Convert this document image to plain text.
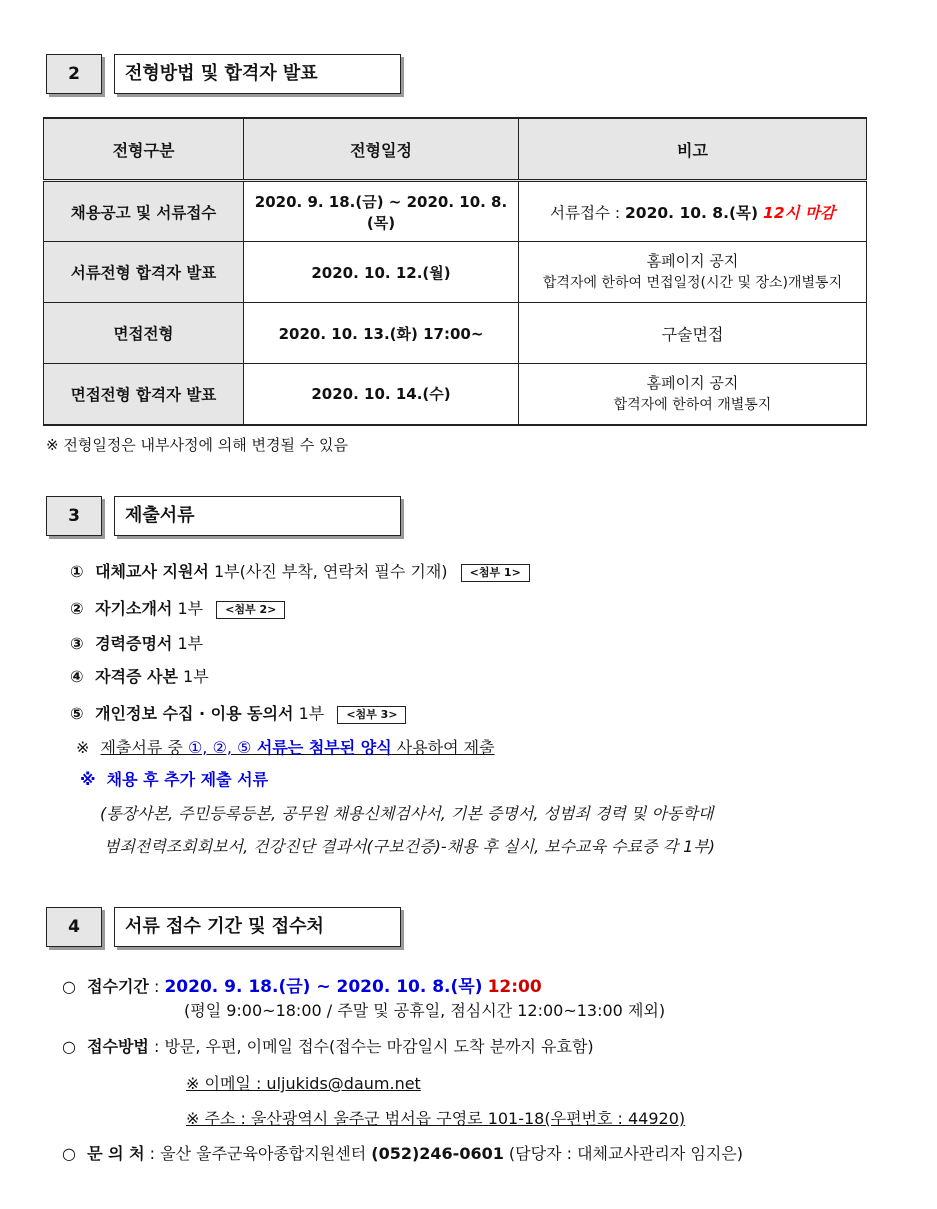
2	전형방법 및 합격자 발표
전형구분	전형일정	비고
채용공고 및 서류접수	2020. 9. 18.(금) ~ 2020. 10. 8.(목)	서류접수 : 2020. 10. 8.(목) 12시 마감
서류전형 합격자 발표	2020. 10. 12.(월)	홈페이지 공지
합격자에 한하여 면접일정(시간 및 장소)개별통지

면접전형	2020. 10. 13.(화) 17:00~	구술면접
면접전형 합격자 발표	2020. 10. 14.(수)	홈페이지 공지
합격자에 한하여 개별통지
※ 전형일정은 내부사정에 의해 변경될 수 있음
3	제출서류
① 대체교사 지원서 1부(사진 부착, 연락처 필수 기재) <첨부 1>
② 자기소개서 1부 <첨부 2>
③ 경력증명서 1부
④ 자격증 사본 1부
⑤ 개인정보 수집 · 이용 동의서 1부 <첨부 3>
※ 제출서류 중 ①, ②, ⑤ 서류는 첨부된 양식 사용하여 제출
※ 채용 후 추가 제출 서류
(통장사본, 주민등록등본, 공무원 채용신체검사서, 기본 증명서, 성범죄 경력 및 아동학대
범죄전력조회회보서, 건강진단 결과서(구보건증)-채용 후 실시, 보수교육 수료증 각 1부)
4	서류 접수 기간 및 접수처
○ 접수기간 : 2020. 9. 18.(금) ~ 2020. 10. 8.(목) 12:00
(평일 9:00~18:00 / 주말 및 공휴일, 점심시간 12:00~13:00 제외)
○ 접수방법 : 방문, 우편, 이메일 접수(접수는 마감일시 도착 분까지 유효함)
※ 이메일 : uljukids@daum.net
※ 주소 : 울산광역시 울주군 범서읍 구영로 101-18(우편번호 : 44920)
○ 문 의 처 : 울산 울주군육아종합지원센터 (052)246-0601 (담당자 : 대체교사관리자 임지은)
